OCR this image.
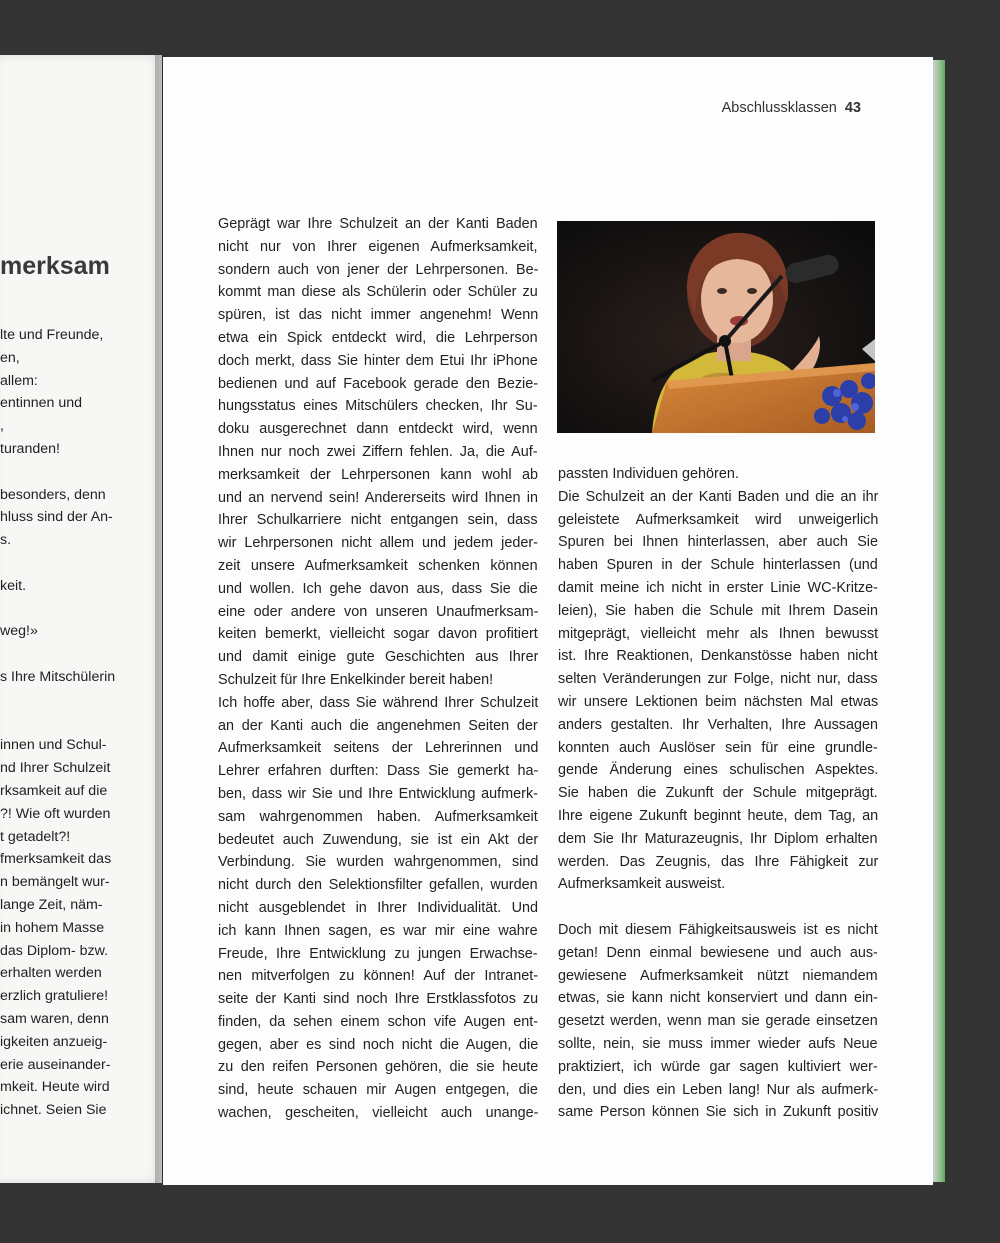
merksam
lte und Freunde,
en,
allem:
entinnen und
,
turanden!
besonders, denn
hluss sind der An-
s.
keit.
weg!»
s Ihre Mitschülerin
innen und Schul-
nd Ihrer Schulzeit
rksamkeit auf die
?! Wie oft wurden
t getadelt?!
fmerksamkeit das
n bemängelt wur-
lange Zeit, näm-
in hohem Masse
das Diplom- bzw.
erhalten werden
erzlich gratuliere!
sam waren, denn
igkeiten anzueig-
erie auseinander-
mkeit. Heute wird
ichnet. Seien Sie
Abschlussklassen 43
Geprägt war Ihre Schulzeit an der Kanti Baden
nicht nur von Ihrer eigenen Aufmerksamkeit,
sondern auch von jener der Lehrpersonen. Be-
kommt man diese als Schülerin oder Schüler zu
spüren, ist das nicht immer angenehm! Wenn
etwa ein Spick entdeckt wird, die Lehrperson
doch merkt, dass Sie hinter dem Etui Ihr iPhone
bedienen und auf Facebook gerade den Bezie-
hungsstatus eines Mitschülers checken, Ihr Su-
doku ausgerechnet dann entdeckt wird, wenn
Ihnen nur noch zwei Ziffern fehlen. Ja, die Auf-
merksamkeit der Lehrpersonen kann wohl ab
und an nervend sein! Andererseits wird Ihnen in
Ihrer Schulkarriere nicht entgangen sein, dass
wir Lehrpersonen nicht allem und jedem jeder-
zeit unsere Aufmerksamkeit schenken können
und wollen. Ich gehe davon aus, dass Sie die
eine oder andere von unseren Unaufmerksam-
keiten bemerkt, vielleicht sogar davon profitiert
und damit einige gute Geschichten aus Ihrer
Schulzeit für Ihre Enkelkinder bereit haben!
Ich hoffe aber, dass Sie während Ihrer Schulzeit
an der Kanti auch die angenehmen Seiten der
Aufmerksamkeit seitens der Lehrerinnen und
Lehrer erfahren durften: Dass Sie gemerkt ha-
ben, dass wir Sie und Ihre Entwicklung aufmerk-
sam wahrgenommen haben. Aufmerksamkeit
bedeutet auch Zuwendung, sie ist ein Akt der
Verbindung. Sie wurden wahrgenommen, sind
nicht durch den Selektionsfilter gefallen, wurden
nicht ausgeblendet in Ihrer Individualität. Und
ich kann Ihnen sagen, es war mir eine wahre
Freude, Ihre Entwicklung zu jungen Erwachse-
nen mitverfolgen zu können! Auf der Intranet-
seite der Kanti sind noch Ihre Erstklassfotos zu
finden, da sehen einem schon vife Augen ent-
gegen, aber es sind noch nicht die Augen, die
zu den reifen Personen gehören, die sie heute
sind, heute schauen mir Augen entgegen, die
wachen, gescheiten, vielleicht auch unange-
passten Individuen gehören.
Die Schulzeit an der Kanti Baden und die an ihr
geleistete Aufmerksamkeit wird unweigerlich
Spuren bei Ihnen hinterlassen, aber auch Sie
haben Spuren in der Schule hinterlassen (und
damit meine ich nicht in erster Linie WC-Kritze-
leien), Sie haben die Schule mit Ihrem Dasein
mitgeprägt, vielleicht mehr als Ihnen bewusst
ist. Ihre Reaktionen, Denkanstösse haben nicht
selten Veränderungen zur Folge, nicht nur, dass
wir unsere Lektionen beim nächsten Mal etwas
anders gestalten. Ihr Verhalten, Ihre Aussagen
konnten auch Auslöser sein für eine grundle-
gende Änderung eines schulischen Aspektes.
Sie haben die Zukunft der Schule mitgeprägt.
Ihre eigene Zukunft beginnt heute, dem Tag, an
dem Sie Ihr Maturazeugnis, Ihr Diplom erhalten
werden. Das Zeugnis, das Ihre Fähigkeit zur
Aufmerksamkeit ausweist.
Doch mit diesem Fähigkeitsausweis ist es nicht
getan! Denn einmal bewiesene und auch aus-
gewiesene Aufmerksamkeit nützt niemandem
etwas, sie kann nicht konserviert und dann ein-
gesetzt werden, wenn man sie gerade einsetzen
sollte, nein, sie muss immer wieder aufs Neue
praktiziert, ich würde gar sagen kultiviert wer-
den, und dies ein Leben lang! Nur als aufmerk-
same Person können Sie sich in Zukunft positiv
